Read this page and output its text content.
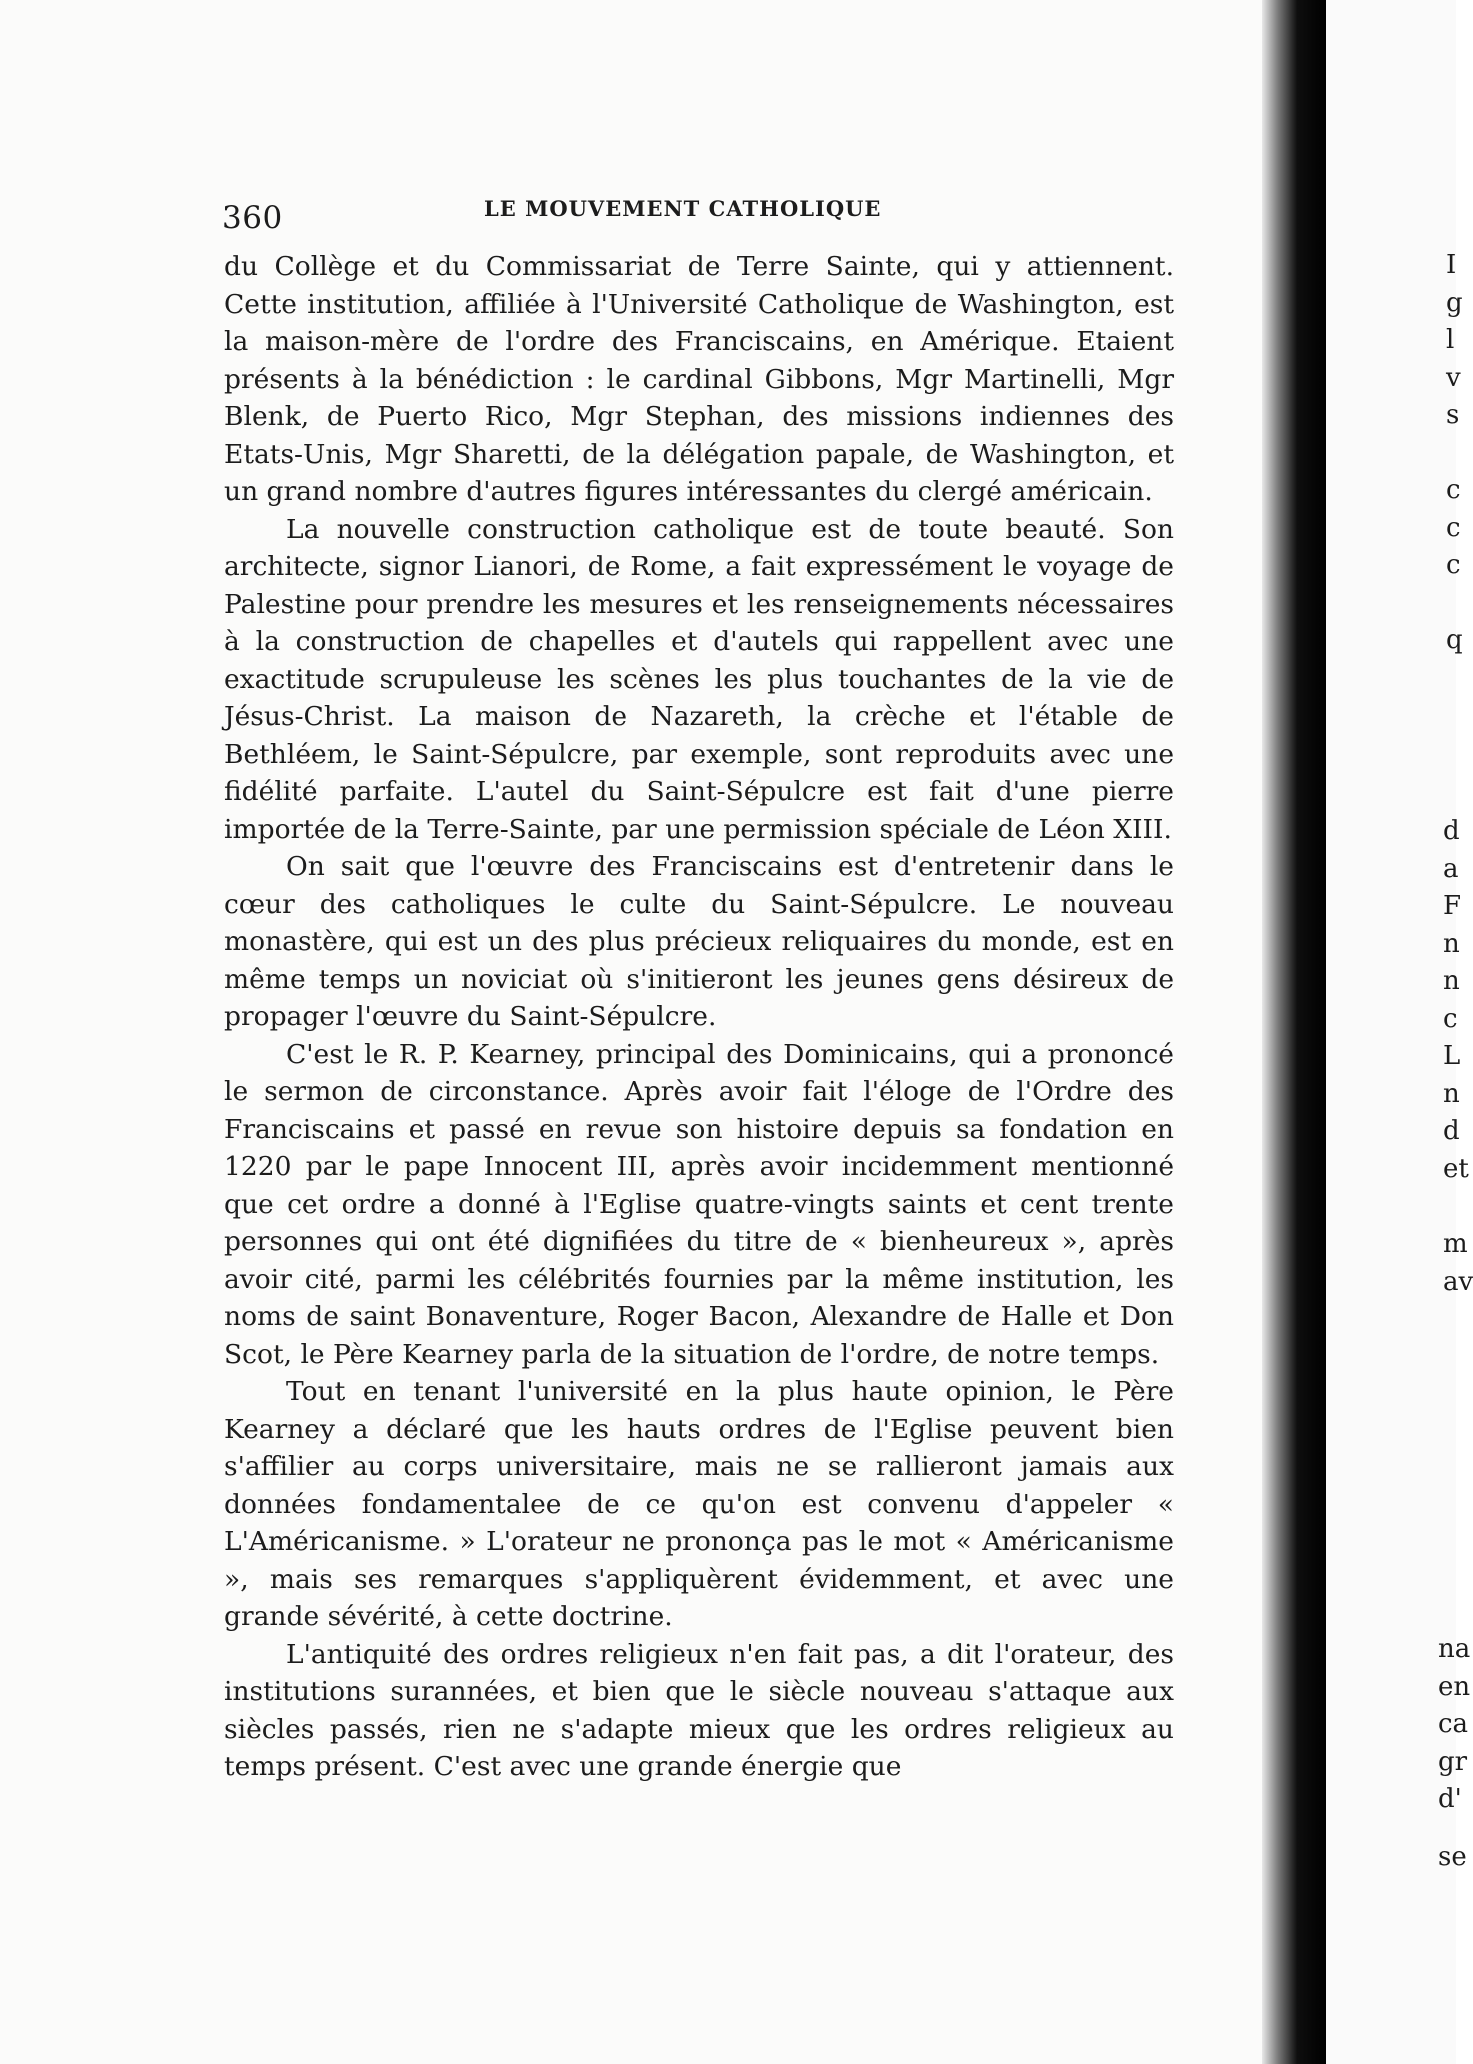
360	LE MOUVEMENT CATHOLIQUE

du Collège et du Commissariat de Terre Sainte, qui y attiennent. Cette institution, affiliée à l'Université Catholique de Washington, est la maison-mère de l'ordre des Franciscains, en Amérique. Etaient présents à la bénédiction : le cardinal Gibbons, Mgr Martinelli, Mgr Blenk, de Puerto Rico, Mgr Stephan, des missions indiennes des Etats-Unis, Mgr Sharetti, de la délégation papale, de Washington, et un grand nombre d'autres figures intéressantes du clergé américain.

La nouvelle construction catholique est de toute beauté. Son architecte, signor Lianori, de Rome, a fait expressément le voyage de Palestine pour prendre les mesures et les renseignements nécessaires à la construction de chapelles et d'autels qui rappellent avec une exactitude scrupuleuse les scènes les plus touchantes de la vie de Jésus-Christ. La maison de Nazareth, la crèche et l'étable de Bethléem, le Saint-Sépulcre, par exemple, sont reproduits avec une fidélité parfaite. L'autel du Saint-Sépulcre est fait d'une pierre importée de la Terre-Sainte, par une permission spéciale de Léon XIII.

On sait que l'œuvre des Franciscains est d'entretenir dans le cœur des catholiques le culte du Saint-Sépulcre. Le nouveau monastère, qui est un des plus précieux reliquaires du monde, est en même temps un noviciat où s'initieront les jeunes gens désireux de propager l'œuvre du Saint-Sépulcre.

C'est le R. P. Kearney, principal des Dominicains, qui a prononcé le sermon de circonstance. Après avoir fait l'éloge de l'Ordre des Franciscains et passé en revue son histoire depuis sa fondation en 1220 par le pape Innocent III, après avoir incidemment mentionné que cet ordre a donné à l'Eglise quatre-vingts saints et cent trente personnes qui ont été dignifiées du titre de « bienheureux », après avoir cité, parmi les célébrités fournies par la même institution, les noms de saint Bonaventure, Roger Bacon, Alexandre de Halle et Don Scot, le Père Kearney parla de la situation de l'ordre, de notre temps.

Tout en tenant l'université en la plus haute opinion, le Père Kearney a déclaré que les hauts ordres de l'Eglise peuvent bien s'affilier au corps universitaire, mais ne se rallieront jamais aux données fondamentalee de ce qu'on est convenu d'appeler « L'Américanisme. » L'orateur ne prononça pas le mot « Américanisme », mais ses remarques s'appliquèrent évidemment, et avec une grande sévérité, à cette doctrine.

L'antiquité des ordres religieux n'en fait pas, a dit l'orateur, des institutions surannées, et bien que le siècle nouveau s'attaque aux siècles passés, rien ne s'adapte mieux que les ordres religieux au temps présent. C'est avec une grande énergie que

I
g
l
v
s
c
c
c
q
d
a
F
n
n
c
L
n
d
et
m
av
na
en
ca
gr
d'
se
